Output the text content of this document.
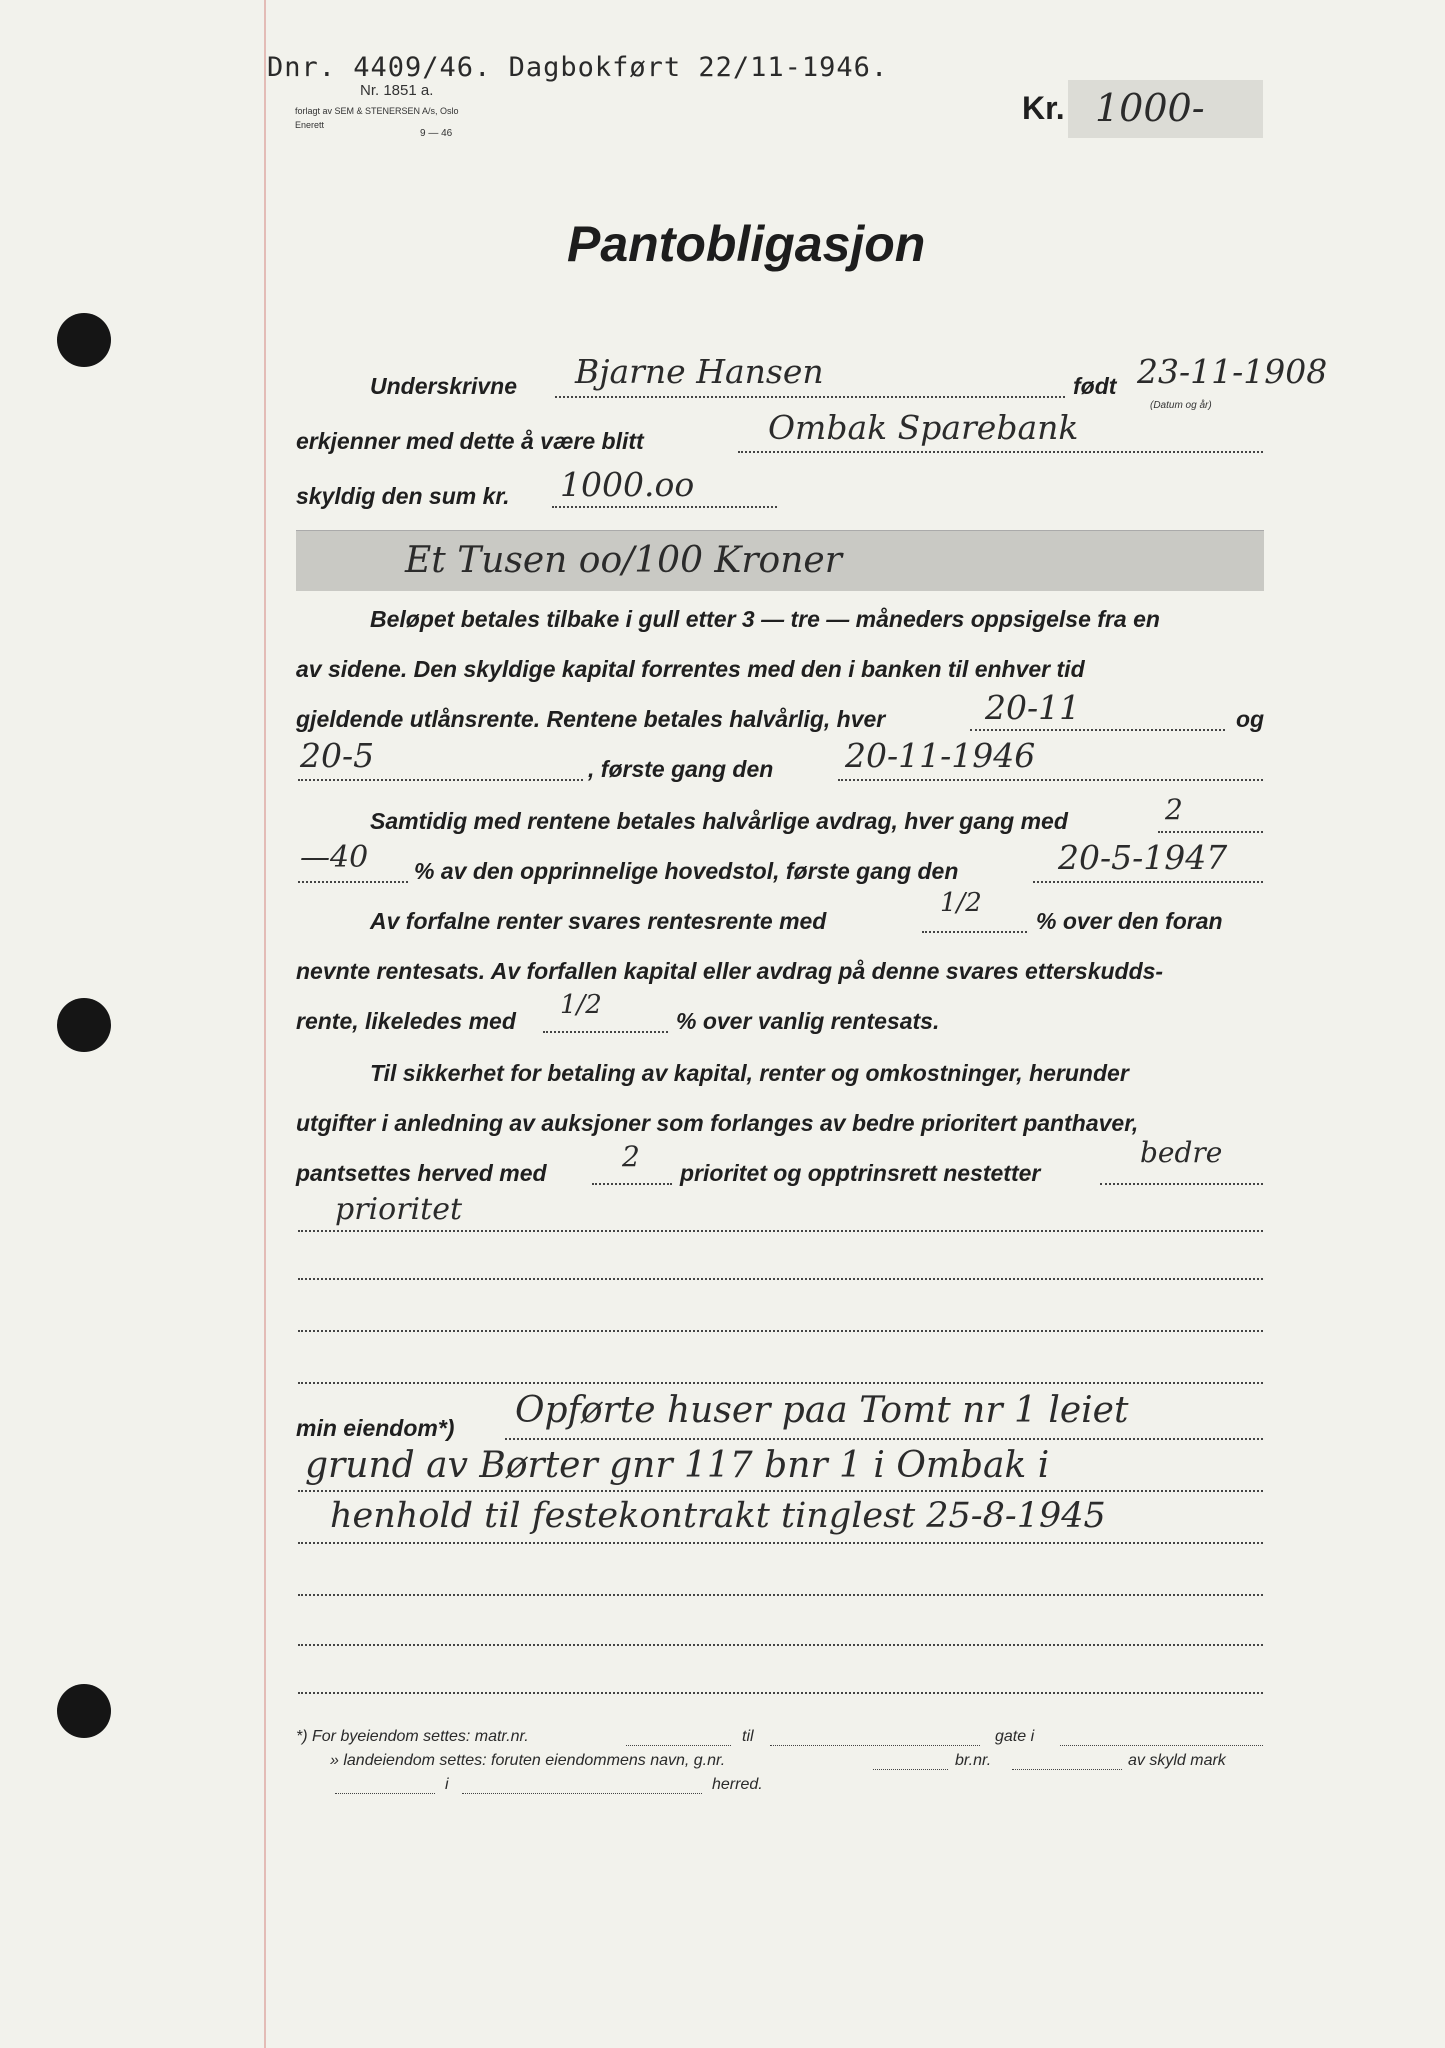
Dnr. 4409/46. Dagbokført 22/11-1946.
Nr. 1851 a.
forlagt av SEM & STENERSEN A/s, Oslo
Enerett
9 — 46
Kr. 1000-
Pantobligasjon
Underskrivne Bjarne Hansen	født 23-11-1908
(Datum og år)
erkjenner med dette å være blitt	Ombak Sparebank
skyldig den sum kr. 1000.oo
Et Tusen oo/100 Kroner
Beløpet betales tilbake i gull etter 3 — tre — måneders oppsigelse fra en
av sidene. Den skyldige kapital forrentes med den i banken til enhver tid
gjeldende utlånsrente. Rentene betales halvårlig, hver	20-11	og
20-5	, første gang den 20-11-1946
Samtidig med rentene betales halvårlige avdrag, hver gang med	2
—40 % av den opprinnelige hovedstol, første gang den	20-5-1947
Av forfalne renter svares rentesrente med
1/2
% over den foran
nevnte rentesats. Av forfallen kapital eller avdrag på denne svares etterskudds-
rente, likeledes med
1/2
% over vanlig rentesats.
Til sikkerhet for betaling av kapital, renter og omkostninger, herunder
utgifter i anledning av auksjoner som forlanges av bedre prioritert panthaver,
pantsettes herved med	2 prioritet og opptrinsrett nestetter
bedre
prioritet
min eiendom*) Opførte huser paa Tomt nr 1 leiet
grund av Børter gnr 117 bnr 1 i Ombak i
henhold til festekontrakt tinglest 25-8-1945
*) For byeiendom settes: matr.nr.	til	gate i
» landeiendom settes: foruten eiendommens navn, g.nr.	br.nr.	av skyld mark
i	herred.
